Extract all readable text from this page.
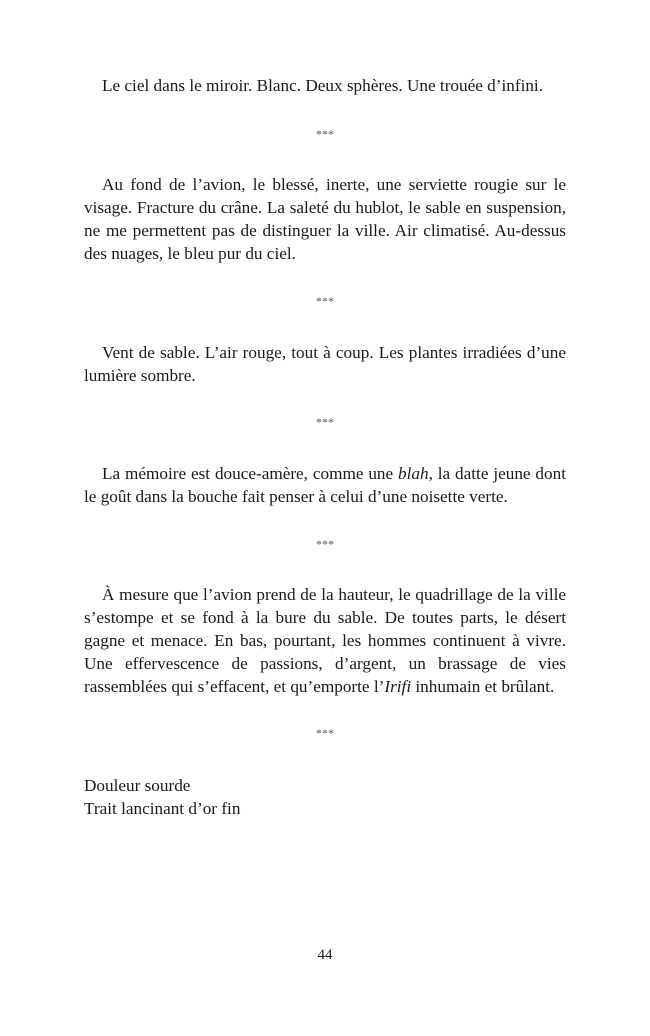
Le ciel dans le miroir. Blanc. Deux sphères. Une trouée d’infini.

***

Au fond de l’avion, le blessé, inerte, une serviette rougie sur le visage. Fracture du crâne. La saleté du hublot, le sable en suspension, ne me permettent pas de distinguer la ville. Air climatisé. Au-dessus des nuages, le bleu pur du ciel.

***

Vent de sable. L’air rouge, tout à coup. Les plantes irradiées d’une lumière sombre.

***

La mémoire est douce-amère, comme une blah, la datte jeune dont le goût dans la bouche fait penser à celui d’une noisette verte.

***

À mesure que l’avion prend de la hauteur, le quadrillage de la ville s’estompe et se fond à la bure du sable. De toutes parts, le désert gagne et menace. En bas, pourtant, les hommes continuent à vivre. Une effervescence de passions, d’argent, un brassage de vies rassemblées qui s’effacent, et qu’emporte l’Irifi inhumain et brûlant.

***

Douleur sourde
Trait lancinant d’or fin

44
